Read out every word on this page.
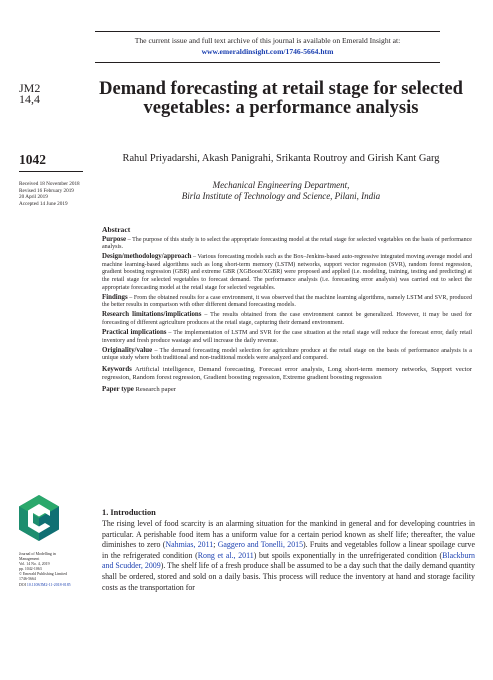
The current issue and full text archive of this journal is available on Emerald Insight at:
www.emeraldinsight.com/1746-5664.htm
JM2
14,4	Demand forecasting at retail stage for selected vegetables: a performance analysis
1042	Rahul Priyadarshi, Akash Panigrahi, Srikanta Routroy and Girish Kant Garg
Mechanical Engineering Department,
Birla Institute of Technology and Science, Pilani, India
Received 18 November 2018
Revised 16 February 2019
20 April 2019
Accepted 14 June 2019
Abstract

Purpose – The purpose of this study is to select the appropriate forecasting model at the retail stage for selected vegetables on the basis of performance analysis.

Design/methodology/approach – Various forecasting models such as the Box–Jenkins-based auto-regressive integrated moving average model and machine learning-based algorithms such as long short-term memory (LSTM) networks, support vector regression (SVR), random forest regression, gradient boosting regression (GBR) and extreme GBR (XGBoost/XGBR) were proposed and applied (i.e. modeling, training, testing and predicting) at the retail stage for selected vegetables to forecast demand. The performance analysis (i.e. forecasting error analysis) was carried out to select the appropriate forecasting model at the retail stage for selected vegetables.

Findings – From the obtained results for a case environment, it was observed that the machine learning algorithms, namely LSTM and SVR, produced the better results in comparison with other different demand forecasting models.

Research limitations/implications – The results obtained from the case environment cannot be generalized. However, it may be used for forecasting of different agriculture produces at the retail stage, capturing their demand environment.

Practical implications – The implementation of LSTM and SVR for the case situation at the retail stage will reduce the forecast error, daily retail inventory and fresh produce wastage and will increase the daily revenue.

Originality/value – The demand forecasting model selection for agriculture produce at the retail stage on the basis of performance analysis is a unique study where both traditional and non-traditional models were analyzed and compared.

Keywords Artificial intelligence, Demand forecasting, Forecast error analysis, Long short-term memory networks, Support vector regression, Random forest regression, Gradient boosting regression, Extreme gradient boosting regression

Paper type Research paper

Journal of Modelling in
Management
Vol. 14 No. 4, 2019
pp. 1042-1063
© Emerald Publishing Limited
1746-5664
DOI 10.1108/JM2-11-2018-0185
1. Introduction

The rising level of food scarcity is an alarming situation for the mankind in general and for developing countries in particular. A perishable food item has a uniform value for a certain period known as shelf life; thereafter, the value diminishes to zero (Nahmias, 2011; Gaggero and Tonelli, 2015). Fruits and vegetables follow a linear spoilage curve in the refrigerated condition (Rong et al., 2011) but spoils exponentially in the unrefrigerated condition (Blackburn and Scudder, 2009). The shelf life of a fresh produce shall be assumed to be a day such that the daily demand quantity shall be ordered, stored and sold on a daily basis. This process will reduce the inventory at hand and storage facility costs as the transportation for
